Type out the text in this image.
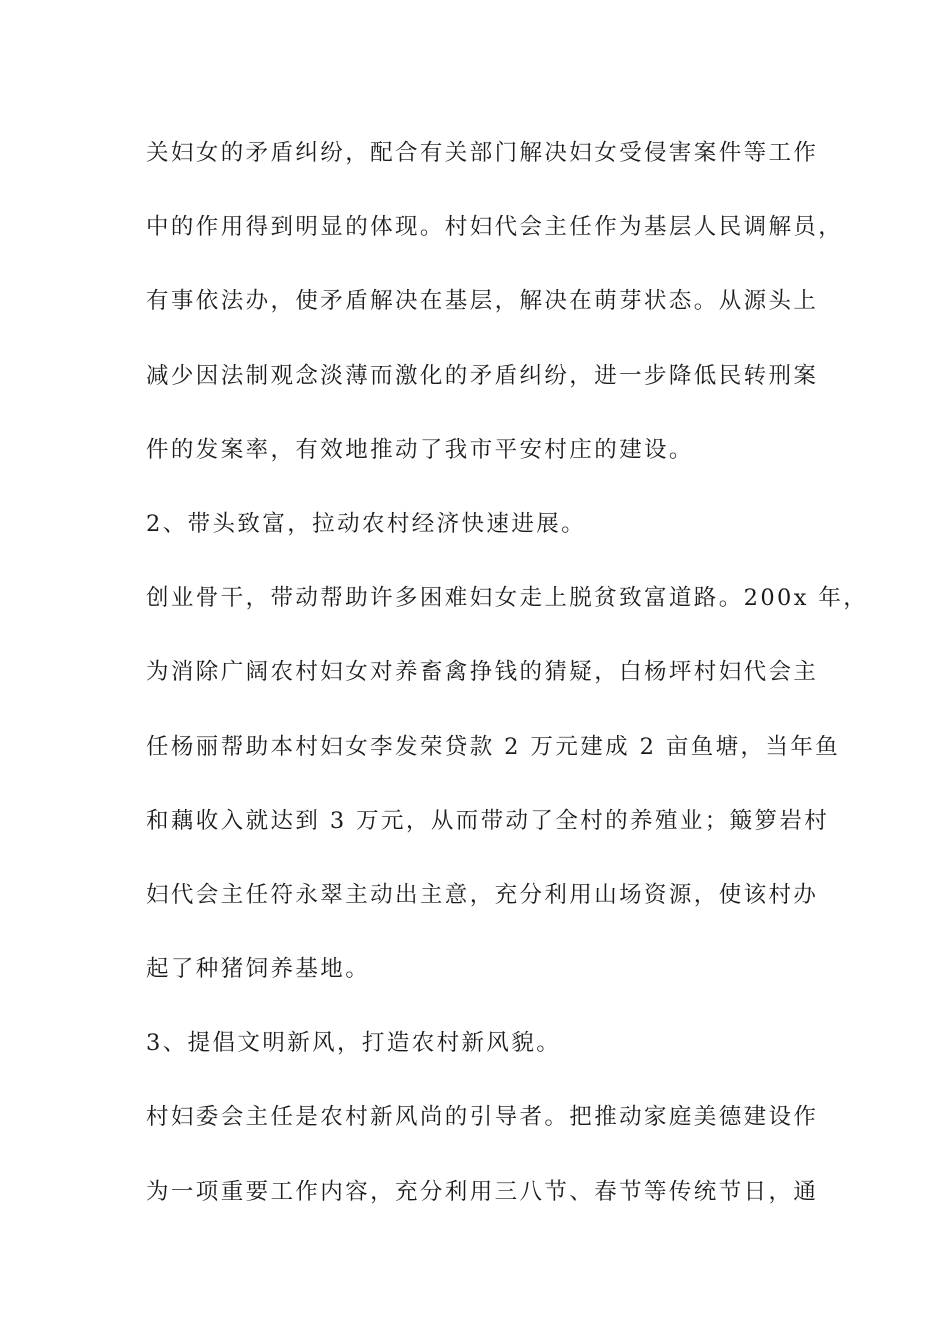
关妇女的矛盾纠纷，配合有关部门解决妇女受侵害案件等工作
中的作用得到明显的体现。村妇代会主任作为基层人民调解员，
有事依法办，使矛盾解决在基层，解决在萌芽状态。从源头上
减少因法制观念淡薄而激化的矛盾纠纷，进一步降低民转刑案
件的发案率，有效地推动了我市平安村庄的建设。
2、带头致富，拉动农村经济快速进展。
创业骨干，带动帮助许多困难妇女走上脱贫致富道路。200x 年，
为消除广阔农村妇女对养畜禽挣钱的猜疑，白杨坪村妇代会主
任杨丽帮助本村妇女李发荣贷款 2 万元建成 2 亩鱼塘，当年鱼
和藕收入就达到 3 万元，从而带动了全村的养殖业；簸箩岩村
妇代会主任符永翠主动出主意，充分利用山场资源，使该村办
起了种猪饲养基地。
3、提倡文明新风，打造农村新风貌。
村妇委会主任是农村新风尚的引导者。把推动家庭美德建设作
为一项重要工作内容，充分利用三八节、春节等传统节日，通
